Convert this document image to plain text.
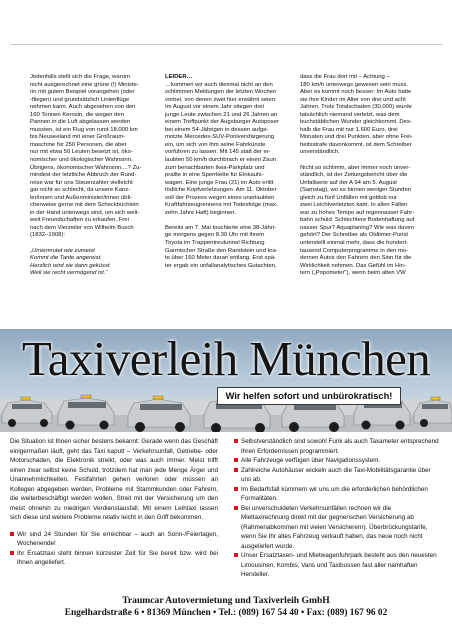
Jedenfalls stellt sich die Frage, warum
nicht ausgerechnet eine grüne (!) Ministe-
rin mit gutem Beispiel vorangehen (oder
-fliegen) und grundsätzlich Linienflüge
nehmen kann. Auch abgesehen von den
160 Tonnen Kerosin, die wegen den
Pannen in die Luft abgelassen werden
mussten, ist ein Flug von rund 18.000 km
bis Neuseeland mit einer Großraum-
maschine für 250 Personen, die aber
nur mit etwa 50 Leuten besetzt ist, öko-
nomischer und ökologischer Wahnsinn.
Übrigens, ökonomischer Wahnsinn....? Zu-
mindest der letztliche Abbruch der Rund-
reise war für uns Steuerzahler vielleicht
gar nicht so schlecht, da unsere Kanz-
ler/innen und Außenminister/innen übli-
cherweise gerne mit dem Scheckbüchlein
in der Hand unterwegs sind, um sich welt-
weit Freundschaften zu erkaufen. Frei
nach dem Vierzeiler von Wilhelm Busch
(1832–1908):

„Unvermutet wie zumeist
Kommt die Tante angereist.
Herzlich wird sie dann geküsst
Weil sie recht vermögend ist.“
LEIDER…
…kommen wir auch diesmal nicht an den
schlimmen Meldungen der letzten Wochen
vorbei, von denen zwei hier erwähnt seien:
Im August vor einem Jahr stiegen drei
junge Leute zwischen 21 und 26 Jahren an
einem Treffpunkt der Augsburger Autoposer
bei einem 54-Jährigen in dessen aufge-
motzte Mercedes-SUV-Poniversfärgerung
ein, um sich von ihm seine Fahrkünste
vorführen zu lassen. Mit 145 statt der er-
laubten 50 km/h durchbrach er einen Zaun
zum benachbarten Ikea-Parkplatz und
prallte in eine Sperrkette für Einkaufs-
wagen. Eine junge Frau (21) im Auto erlitt
tödliche Kopfverletzungen. Am 11. Oktober
soll der Prozess wegen eines unerlaubten
Kraftfahrzeugrennens mit Todesfolge (max.
zehn Jahre Haft) beginnen.

Bereits am 7. Mai touchierte eine 38-Jähri-
ge morgens gegen 8.30 Uhr mit ihrem
Toyota im Trappentreutunnel Richtung
Garmischer Straße den Randstein und kra-
te über 160 Meter daran entlang. Erst spä-
ter ergab ein unfallanalytisches Gutachten,
dass die Frau dort mit – Achtung –
180 km/h unterwegs gewesen sein muss.
Aber es kommt noch besser: Im Auto hatte
sie ihre Kinder im Alter von drei und acht
Jahren. Trotz Totalschaden (30.000) wurde
tatsächlich niemand verletzt, was dem
buchstäblichen Wunder gleichkommt. Des-
halb die Frau mit nur 1.600 Euro, drei
Monaten und drei Punkten, aber ohne Frei-
heitsstrafe davonkommt, ist dem Schreiber
unverständlich.

Nicht so schlimm, aber immer noch unver-
ständlich, ist der Zeitungsbericht über die
Unfallserie auf der A 94 am 5. August
(Samstag), wo es binnen weniger Stunden
gleich zu fünf Unfällen mit gottlob nur
zwei Leichtverletzten kam. In allen Fällen
war zu hohes Tempo auf regennasser Fahr-
bahn schuld. Schlechtere Bodenhaftung auf
nasser Spur? Aquaplaning? Wie was daven
gehört? Der Schreiber als Oldtimer-Purist
unterstellt einmal mehr, dass die hundert-
tausend Computerprogramme in den mo-
dernen Autos den Fahrern den Sinn für die
Wirklichkeit nehmen. Das Gefühl im Hin-
tern („Popometer“), wenn beim alten VW
Taxiverleih München
Wir helfen sofort und unbürokratisch!

Die Situation ist Ihnen sicher bestens bekannt: Gerade wenn das Geschäft einigermaßen läuft, geht das Taxi kaputt – Verkehrsunfall, Getriebe- oder Motorschaden, die Elektronik streikt, oder was auch immer. Meist trifft einen zwar selbst keine Schuld, trotzdem hat man jede Menge Ärger und Unannehmlichkeiten. Festfahrten gehen verloren oder müssen an Kollegen abgegeben werden, Probleme mit Stammkunden oder Fahrern, die weiterbeschäftigt werden wollen, Streit mit der Versicherung um den meist ohnehin zu niedrigen Verdienstausfall. Mit einem Leihtaxi lassen sich diese und weitere Probleme relativ leicht in den Griff bekommen.

Wir sind 24 Stunden für Sie erreichbar – auch an Sonn-/Feiertagen, Wochenende!
Ihr Ersatztaxi steht binnen kürzester Zeit für Sie bereit bzw. wird bei Ihnen angeliefert.
Selbstverständlich sind sowohl Funk als auch Taxameter entsprechend Ihren Erfordernissen programmiert.
Alle Fahrzeuge verfügen über Navigationssystem.
Zahlreiche Autohäuser wickeln auch die Taxi-Mobilitätsgarantie über uns ab.
Im Bedarfsfall kümmern wir uns um die erforderlichen behördlichen Formalitäten.
Bei unverschuldeten Verkehrsunfällen rechnen wir die Miettaxirechnung direkt mit der gegnerischen Versicherung ab (Rahmenabkommen mit vielen Versicherern). Überbrückungstarife, wenn Sie Ihr altes Fahrzeug verkauft haben, das neue noch nicht ausgeliefert wurde.
Unser Ersatztaxen- und Mietwagenfuhrpark besteht aus den neuesten Limousinen, Kombis, Vans und Taxibussen fast aller namhaften Hersteller.
Traumcar Autovermietung und Taxiverleih GmbH
Engelhardstraße 6 • 81369 München • Tel.: (089) 167 54 40 • Fax: (089) 167 96 02
